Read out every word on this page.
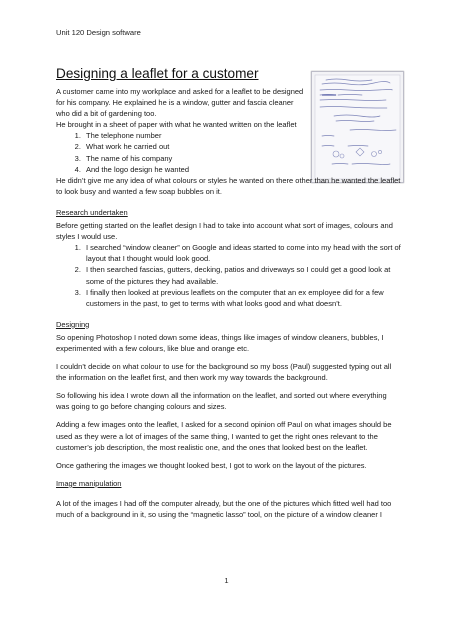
Unit 120 Design software
Designing a leaflet for a customer

A customer came into my workplace and asked for a leaflet to be designed

for his company. He explained he is a window, gutter and fascia cleaner

who did a bit of gardening too.

He brought in a sheet of paper with what he wanted written on the leaflet

1. The telephone number
2. What work he carried out
3. The name of his company
4. And the logo design he wanted

He didn’t give me any idea of what colours or styles he wanted on there other than he wanted the leaflet to look busy and wanted a few soap bubbles on it.

Research undertaken

Before getting started on the leaflet design I had to take into account what sort of images, colours and styles I would use.

1. I searched “window cleaner” on Google and ideas started to come into my head with the sort of layout that I thought would look good.
2. I then searched fascias, gutters, decking, patios and driveways so I could get a good look at some of the pictures they had available.
3. I finally then looked at previous leaflets on the computer that an ex employee did for a few customers in the past, to get to terms with what looks good and what doesn’t.

Designing

So opening Photoshop I noted down some ideas, things like images of window cleaners, bubbles, I experimented with a few colours, like blue and orange etc.

I couldn’t decide on what colour to use for the background so my boss (Paul) suggested typing out all the information on the leaflet first, and then work my way towards the background.

So following his idea I wrote down all the information on the leaflet, and sorted out where everything was going to go before changing colours and sizes.

Adding a few images onto the leaflet, I asked for a second opinion off Paul on what images should be used as they were a lot of images of the same thing, I wanted to get the right ones relevant to the customer’s job description, the most realistic one, and the ones that looked best on the leaflet.

Once gathering the images we thought looked best, I got to work on the layout of the pictures.

Image manipulation

A lot of the images I had off the computer already, but the one of the pictures which fitted well had too much of a background in it, so using the “magnetic lasso” tool, on the picture of a window cleaner I

1
